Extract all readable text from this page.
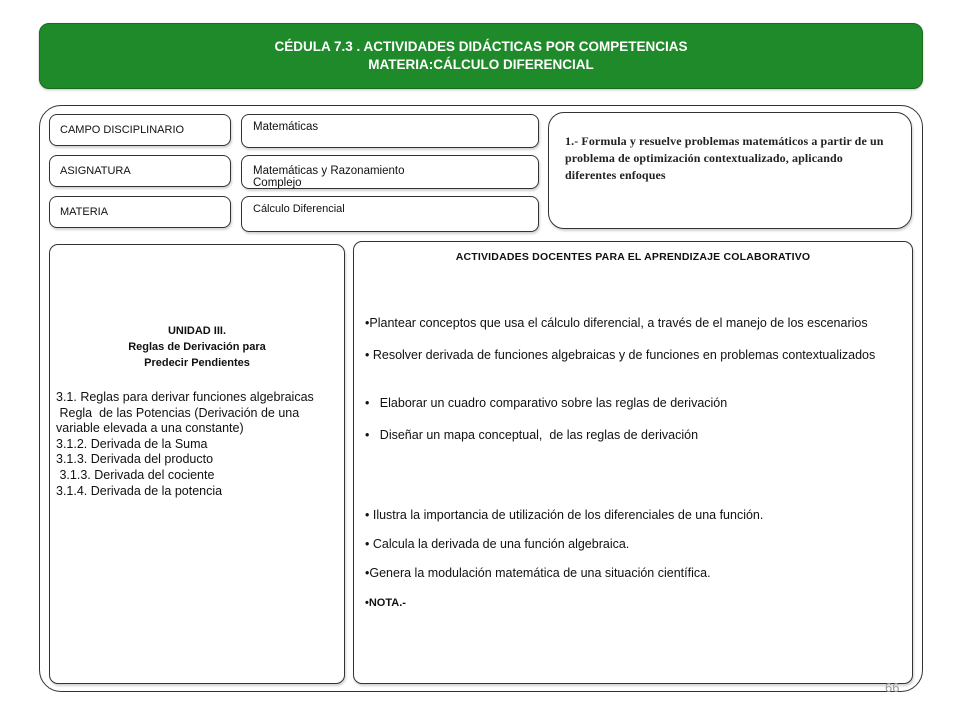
CÉDULA 7.3 . ACTIVIDADES DIDÁCTICAS POR COMPETENCIAS
MATERIA:CÁLCULO DIFERENCIAL
CAMPO DISCIPLINARIO
ASIGNATURA
MATERIA
Matemáticas
Matemáticas y Razonamiento
Complejo
Cálculo Diferencial
1.- Formula y resuelve problemas matemáticos a partir de un problema de optimización contextualizado, aplicando diferentes enfoques
UNIDAD III.
Reglas de Derivación para
Predecir Pendientes
3.1. Reglas para derivar funciones algebraicas
Regla  de las Potencias (Derivación de una
variable elevada a una constante)
3.1.2. Derivada de la Suma
3.1.3. Derivada del producto
3.1.3. Derivada del cociente
3.1.4. Derivada de la potencia
ACTIVIDADES DOCENTES PARA EL APRENDIZAJE COLABORATIVO
•Plantear conceptos que usa el cálculo diferencial, a través de el manejo de los escenarios
• Resolver derivada de funciones algebraicas y de funciones en problemas contextualizados
•   Elaborar un cuadro comparativo sobre las reglas de derivación
•   Diseñar un mapa conceptual,  de las reglas de derivación
• Ilustra la importancia de utilización de los diferenciales de una función.
• Calcula la derivada de una función algebraica.
•Genera la modulación matemática de una situación científica.
•NOTA.-
66
